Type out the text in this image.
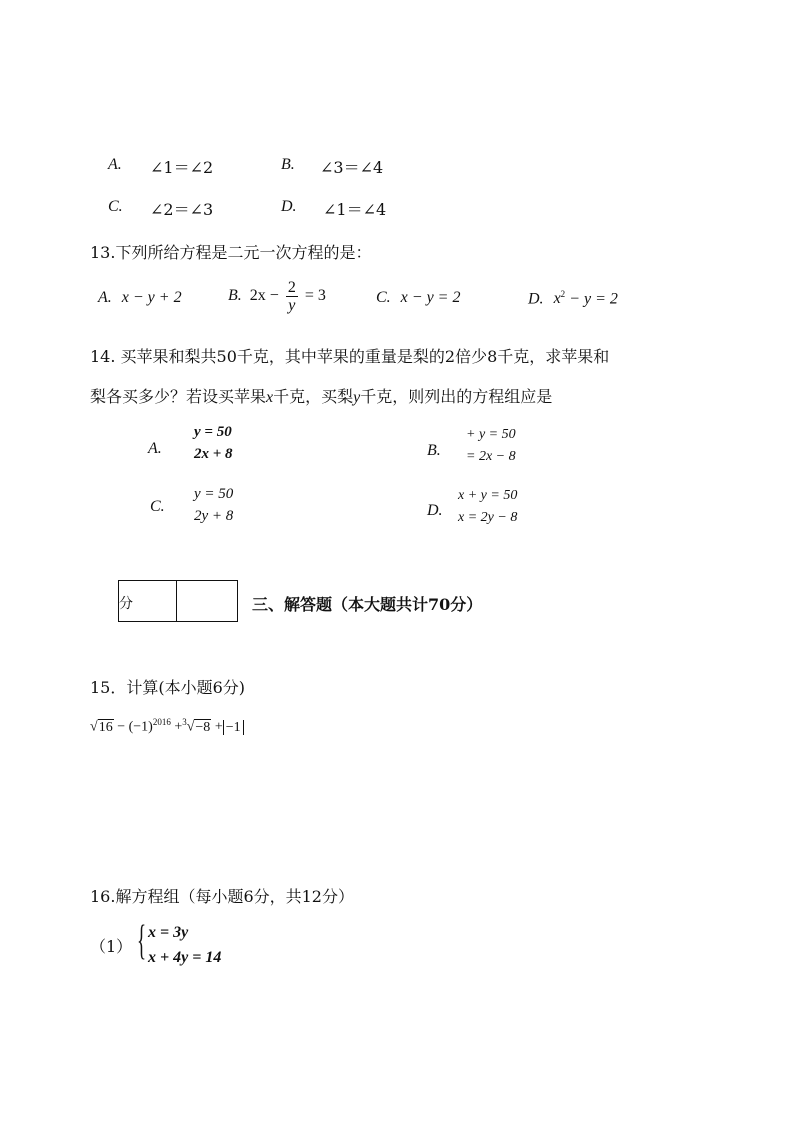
A. ∠1＝∠2	B. ∠3＝∠4
C. ∠2＝∠3	D. ∠1＝∠4
13.下列所给方程是二元一次方程的是：
A. x − y + 2	B. $2x - \frac{2}{y} = 3$	C. x − y = 2	D. $x^2 - y = 2$
14. 买苹果和梨共50千克，其中苹果的重量是梨的2倍少8千克，求苹果和
梨各买多少？若设买苹果x千克，买梨y千克，则列出的方程组应是
A.
y = 50
2x + 8	B.
+ y = 50
= 2x − 8
C.
y = 50
2y + 8	D.
x + y = 50
x = 2y − 8
分	三、解答题（本大题共计70分）
15．计算(本小题6分)
$√16 - (-1)^{2016} +^3√-8 + -1$
16.解方程组（每小题6分，共12分）
（1） { x = 3y
x + 4y = 14
